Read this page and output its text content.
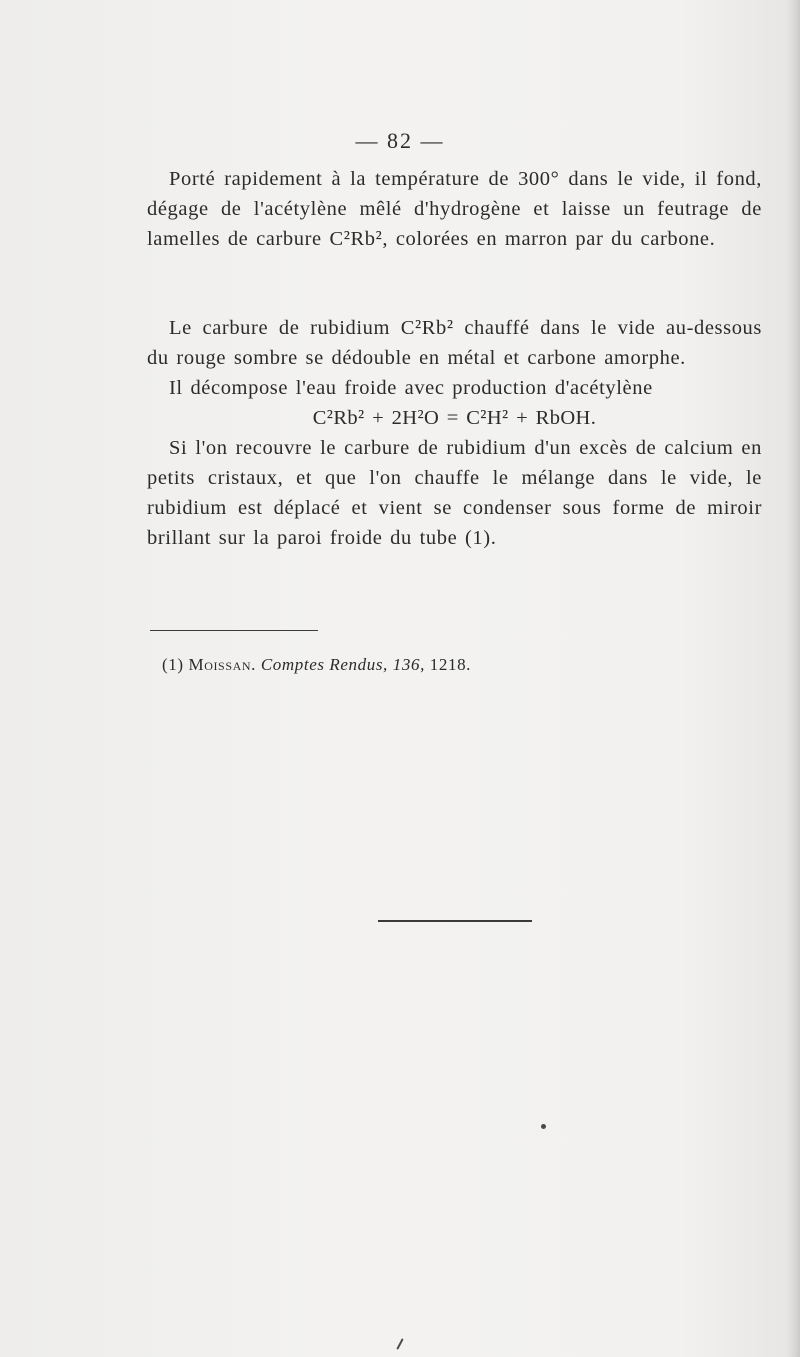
— 82 —

Porté rapidement à la température de 300° dans le vide, il fond, dégage de l'acétylène mêlé d'hydrogène et laisse un feutrage de lamelles de carbure C²Rb², colorées en marron par du carbone.

Le carbure de rubidium C²Rb² chauffé dans le vide au-dessous du rouge sombre se dédouble en métal et carbone amorphe.

Il décompose l'eau froide avec production d'acétylène

C²Rb² + 2H²O = C²H² + RbOH.

Si l'on recouvre le carbure de rubidium d'un excès de calcium en petits cristaux, et que l'on chauffe le mélange dans le vide, le rubidium est déplacé et vient se condenser sous forme de miroir brillant sur la paroi froide du tube (1).

(1) Moissan. Comptes Rendus, 136, 1218.
